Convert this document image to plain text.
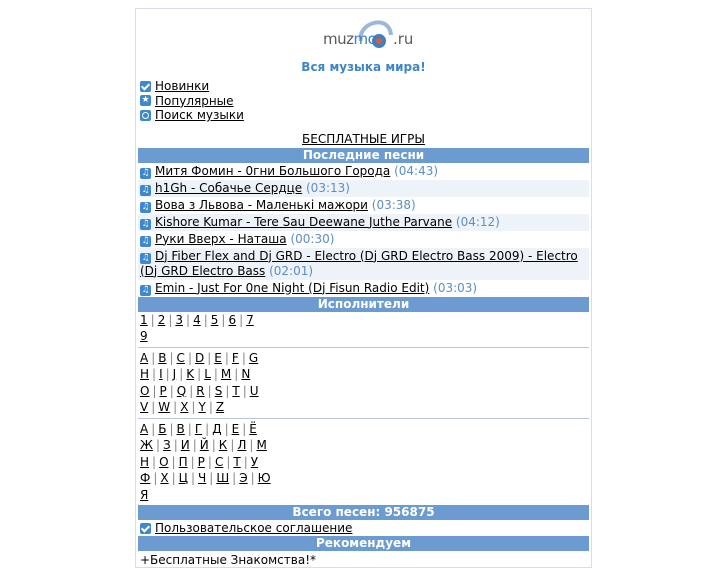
muzmo .ru
Вся музыка мира!
Новинки
★ Популярные
Поиск музыки
БЕСПЛАТНЫЕ ИГРЫ
Последние песни
♫ Митя Фомин - 0гни Большого Города (04:43)
♫ h1Gh - Собачье Сердце (03:13)
♫ Вова з Львова - Маленькі мажори (03:38)
♫ Kishore Kumar - Tere Sau Deewane Juthe Parvane (04:12)
♫ Руки Вверх - Наташа (00:30)
♫ Dj Fiber Flex and Dj GRD - Electro (Dj GRD Electro Bass 2009) - Electro (Dj GRD Electro Bass (02:01)
♫ Emin - Just For 0ne Night (Dj Fisun Radio Edit) (03:03)
Исполнители
1 | 2 | 3 | 4 | 5 | 6 | 7
9
A | B | C | D | E | F | G
H | I | J | K | L | M | N
O | P | Q | R | S | T | U
V | W | X | Y | Z
А | Б | В | Г | Д | Е | Ё
Ж | З | И | Й | К | Л | М
Н | О | П | Р | С | Т | У
Ф | Х | Ц | Ч | Ш | Э | Ю
Я
Всего песен: 956875
Пользовательское соглашение
Рекомендуем
+Бесплатные Знакомства!*
